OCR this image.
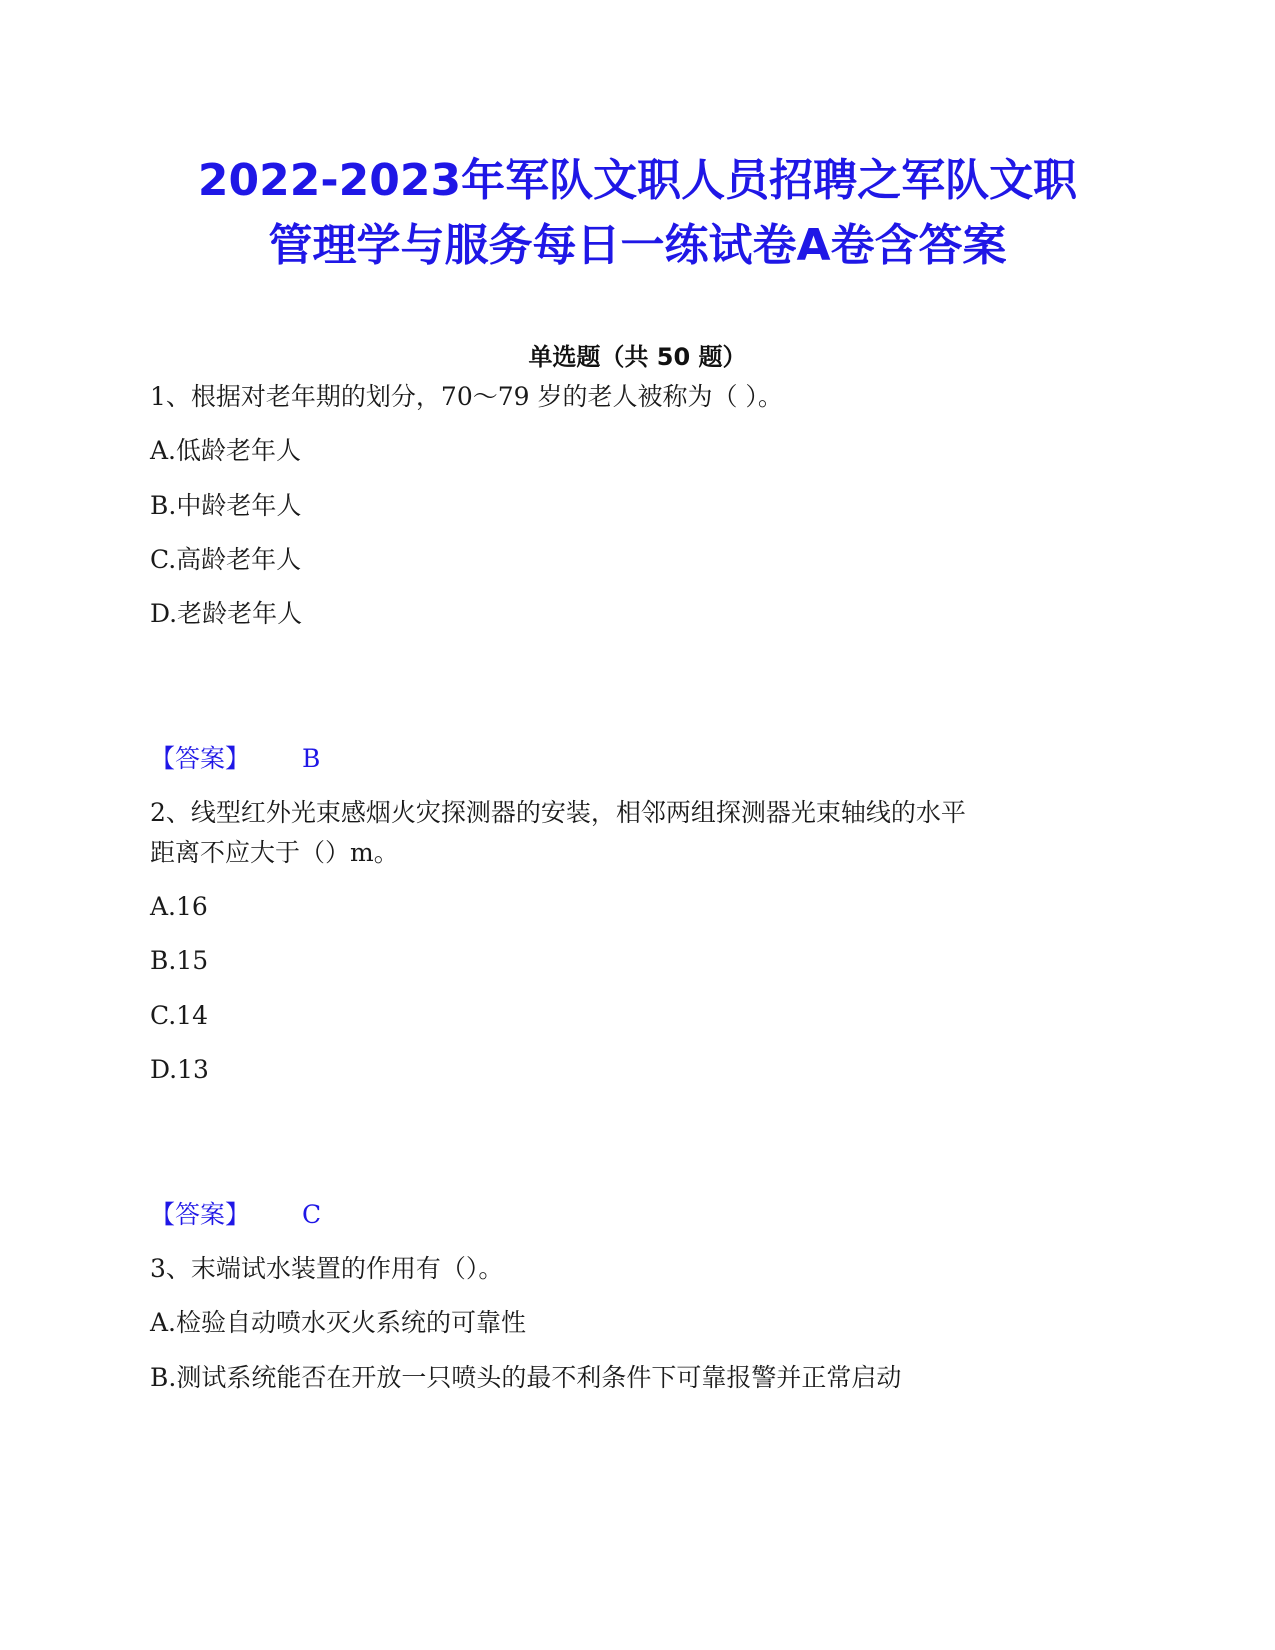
2022-2023年军队文职人员招聘之军队文职
管理学与服务每日一练试卷A卷含答案
单选题（共 50 题）
1、根据对老年期的划分，70～79 岁的老人被称为（ ）。
A.低龄老年人
B.中龄老年人
C.高龄老年人
D.老龄老年人
【答案】 B
2、线型红外光束感烟火灾探测器的安装，相邻两组探测器光束轴线的水平
距离不应大于（）m。
A.16
B.15
C.14
D.13
【答案】 C
3、末端试水装置的作用有（）。
A.检验自动喷水灭火系统的可靠性
B.测试系统能否在开放一只喷头的最不利条件下可靠报警并正常启动
